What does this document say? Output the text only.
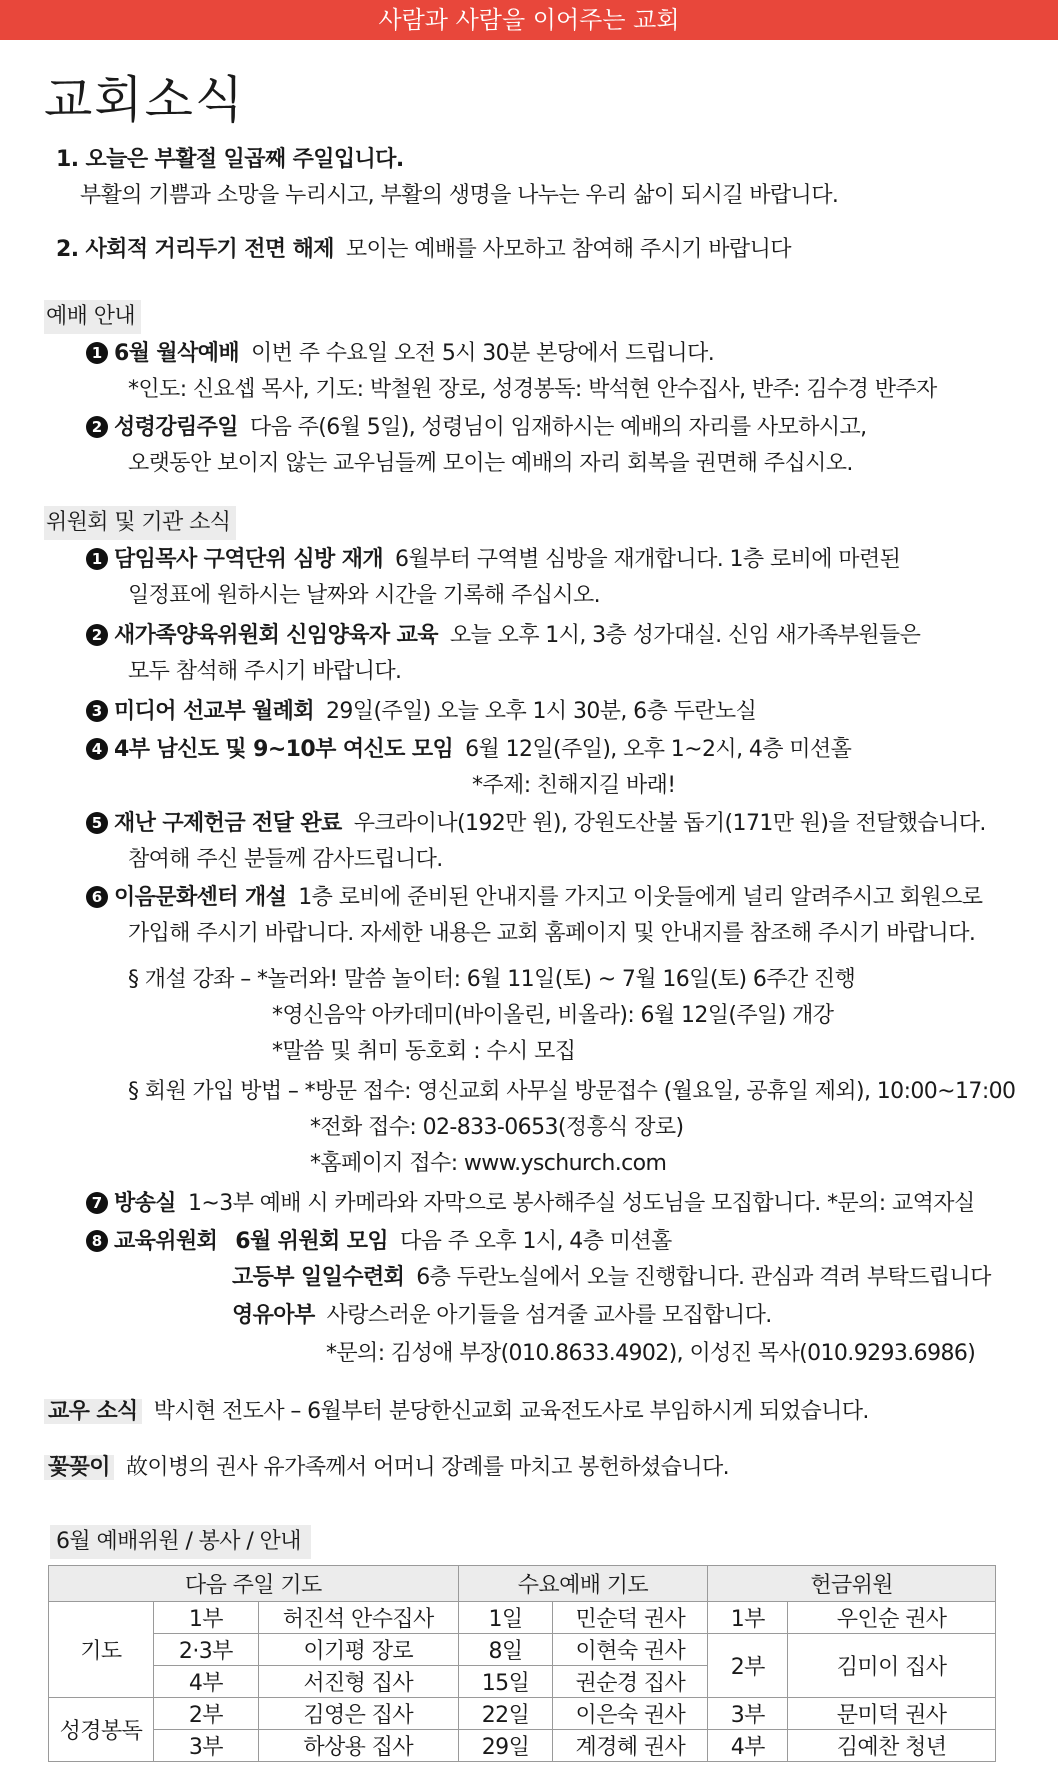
사람과 사람을 이어주는 교회
교회소식
1. 오늘은 부활절 일곱째 주일입니다.
부활의 기쁨과 소망을 누리시고, 부활의 생명을 나누는 우리 삶이 되시길 바랍니다.
2. 사회적 거리두기 전면 해제 모이는 예배를 사모하고 참여해 주시기 바랍니다
예배 안내
1 6월 월삭예배 이번 주 수요일 오전 5시 30분 본당에서 드립니다.
*인도: 신요셉 목사, 기도: 박철원 장로, 성경봉독: 박석현 안수집사, 반주: 김수경 반주자
2 성령강림주일 다음 주(6월 5일), 성령님이 임재하시는 예배의 자리를 사모하시고,
오랫동안 보이지 않는 교우님들께 모이는 예배의 자리 회복을 권면해 주십시오.
위원회 및 기관 소식
1 담임목사 구역단위 심방 재개 6월부터 구역별 심방을 재개합니다. 1층 로비에 마련된
일정표에 원하시는 날짜와 시간을 기록해 주십시오.
2 새가족양육위원회 신임양육자 교육 오늘 오후 1시, 3층 성가대실. 신임 새가족부원들은
모두 참석해 주시기 바랍니다.
3 미디어 선교부 월례회 29일(주일) 오늘 오후 1시 30분, 6층 두란노실
4 4부 남신도 및 9~10부 여신도 모임 6월 12일(주일), 오후 1~2시, 4층 미션홀
*주제: 친해지길 바래!
5 재난 구제헌금 전달 완료 우크라이나(192만 원), 강원도산불 돕기(171만 원)을 전달했습니다.
참여해 주신 분들께 감사드립니다.
6 이음문화센터 개설 1층 로비에 준비된 안내지를 가지고 이웃들에게 널리 알려주시고 회원으로
가입해 주시기 바랍니다. 자세한 내용은 교회 홈페이지 및 안내지를 참조해 주시기 바랍니다.
§ 개설 강좌 – *놀러와! 말씀 놀이터: 6월 11일(토) ~ 7월 16일(토) 6주간 진행
*영신음악 아카데미(바이올린, 비올라): 6월 12일(주일) 개강
*말씀 및 취미 동호회 : 수시 모집
§ 회원 가입 방법 – *방문 접수: 영신교회 사무실 방문접수 (월요일, 공휴일 제외), 10:00~17:00
*전화 접수: 02-833-0653(정흥식 장로)
*홈페이지 접수: www.yschurch.com
7 방송실 1~3부 예배 시 카메라와 자막으로 봉사해주실 성도님을 모집합니다. *문의: 교역자실
8 교육위원회 6월 위원회 모임 다음 주 오후 1시, 4층 미션홀
고등부 일일수련회 6층 두란노실에서 오늘 진행합니다. 관심과 격려 부탁드립니다
영유아부 사랑스러운 아기들을 섬겨줄 교사를 모집합니다.
*문의: 김성애 부장(010.8633.4902), 이성진 목사(010.9293.6986)
교우 소식 박시현 전도사 – 6월부터 분당한신교회 교육전도사로 부임하시게 되었습니다.
꽃꽂이 故이병의 권사 유가족께서 어머니 장례를 마치고 봉헌하셨습니다.
6월 예배위원 / 봉사 / 안내
다음 주일 기도			수요예배 기도		헌금위원	
기도	1부	허진석 안수집사	1일	민순덕 권사	1부	우인순 권사
	2·3부	이기평 장로	8일	이현숙 권사	2부	김미이 집사
	4부	서진형 집사	15일	권순경 집사		
성경봉독	2부	김영은 집사	22일	이은숙 권사	3부	문미덕 권사
	3부	하상용 집사	29일	계경혜 권사	4부	김예찬 청년
